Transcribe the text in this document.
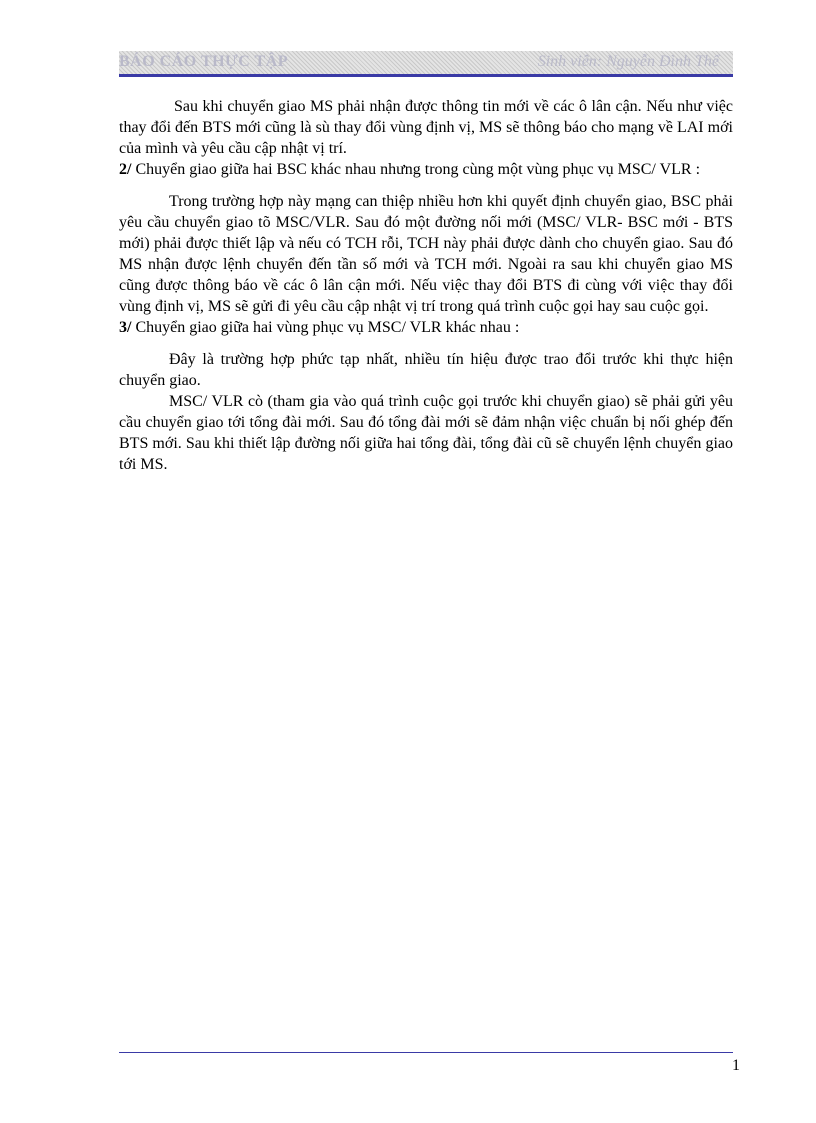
BÁO CÁO THỰC TẬP	Sinh viên: Nguyễn Đình Thể

Sau khi chuyển giao MS phải nhận được thông tin mới về các ô lân cận. Nếu như việc thay đổi đến BTS mới cũng là sù thay đổi vùng định vị, MS sẽ thông báo cho mạng về LAI mới của mình và yêu cầu cập nhật vị trí.

2/ Chuyển giao giữa hai BSC khác nhau nhưng trong cùng một vùng phục vụ MSC/ VLR :

Trong trường hợp này mạng can thiệp nhiều hơn khi quyết định chuyển giao, BSC phải yêu cầu chuyển giao tõ MSC/VLR. Sau đó một đường nối mới (MSC/ VLR- BSC mới - BTS mới) phải được thiết lập và nếu có TCH rỗi, TCH này phải được dành cho chuyển giao. Sau đó MS nhận được lệnh chuyển đến tần số mới và TCH mới. Ngoài ra sau khi chuyển giao MS cũng được thông báo về các ô lân cận mới. Nếu việc thay đổi BTS đi cùng với việc thay đổi vùng định vị, MS sẽ gửi đi yêu cầu cập nhật vị trí trong quá trình cuộc gọi hay sau cuộc gọi.

3/ Chuyển giao giữa hai vùng phục vụ MSC/ VLR khác nhau :

Đây là trường hợp phức tạp nhất, nhiều tín hiệu được trao đổi trước khi thực hiện chuyển giao.

MSC/ VLR cò (tham gia vào quá trình cuộc gọi trước khi chuyển giao) sẽ phải gửi yêu cầu chuyển giao tới tổng đài mới. Sau đó tổng đài mới sẽ đảm nhận việc chuẩn bị nối ghép đến BTS mới. Sau khi thiết lập đường nối giữa hai tổng đài, tổng đài cũ sẽ chuyển lệnh chuyển giao tới MS.

1
